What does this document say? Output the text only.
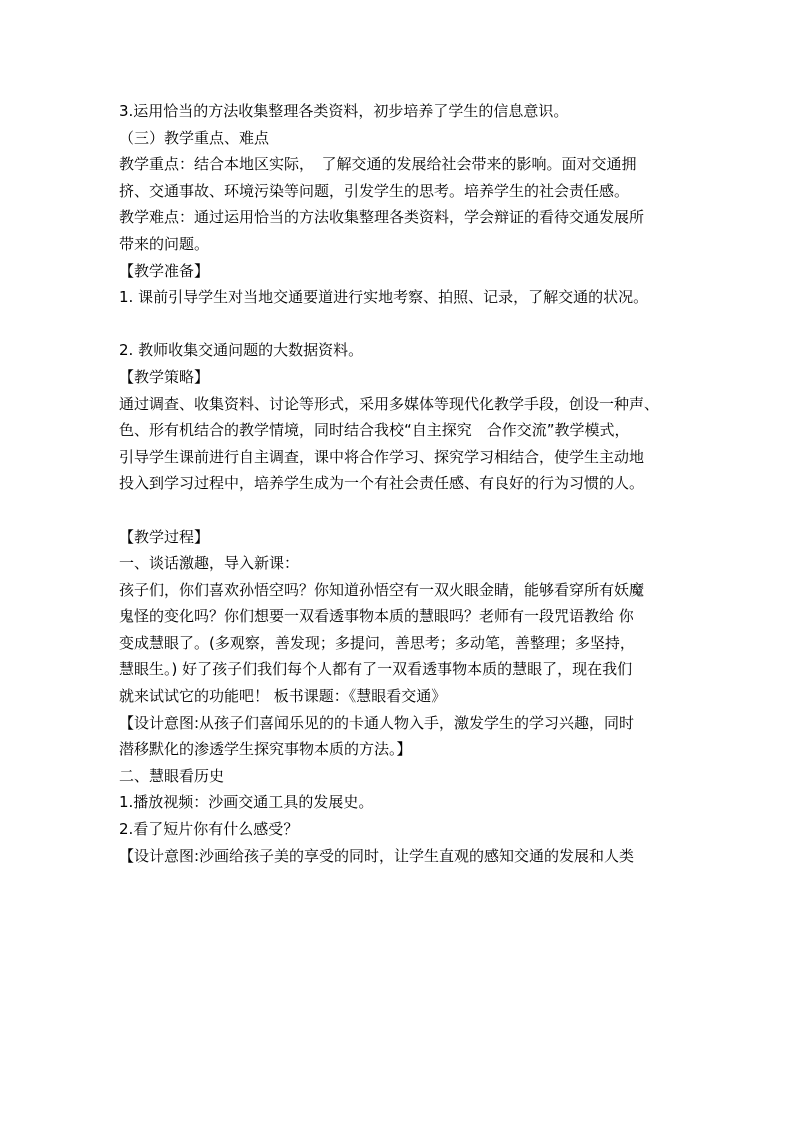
3.运用恰当的方法收集整理各类资料，初步培养了学生的信息意识。
（三）教学重点、难点
教学重点：结合本地区实际，　了解交通的发展给社会带来的影响。面对交通拥
挤、交通事故、环境污染等问题，引发学生的思考。培养学生的社会责任感。
教学难点：通过运用恰当的方法收集整理各类资料，学会辩证的看待交通发展所
带来的问题。
【教学准备】
1. 课前引导学生对当地交通要道进行实地考察、拍照、记录，了解交通的状况。
2. 教师收集交通问题的大数据资料。
【教学策略】
通过调查、收集资料、讨论等形式，采用多媒体等现代化教学手段，创设一种声、
色、形有机结合的教学情境，同时结合我校“自主探究　合作交流”教学模式，
引导学生课前进行自主调查，课中将合作学习、探究学习相结合，使学生主动地
投入到学习过程中，培养学生成为一个有社会责任感、有良好的行为习惯的人。
【教学过程】
一、谈话激趣，导入新课：
孩子们，你们喜欢孙悟空吗？你知道孙悟空有一双火眼金睛，能够看穿所有妖魔
鬼怪的变化吗？你们想要一双看透事物本质的慧眼吗？老师有一段咒语教给 你
变成慧眼了。(多观察，善发现；多提问，善思考；多动笔，善整理；多坚持，
慧眼生。) 好了孩子们我们每个人都有了一双看透事物本质的慧眼了，现在我们
就来试试它的功能吧！ 板书课题：《慧眼看交通》
【设计意图:从孩子们喜闻乐见的的卡通人物入手，激发学生的学习兴趣，同时
潜移默化的渗透学生探究事物本质的方法。】
二、慧眼看历史
1.播放视频：沙画交通工具的发展史。
2.看了短片你有什么感受？
【设计意图:沙画给孩子美的享受的同时，让学生直观的感知交通的发展和人类
